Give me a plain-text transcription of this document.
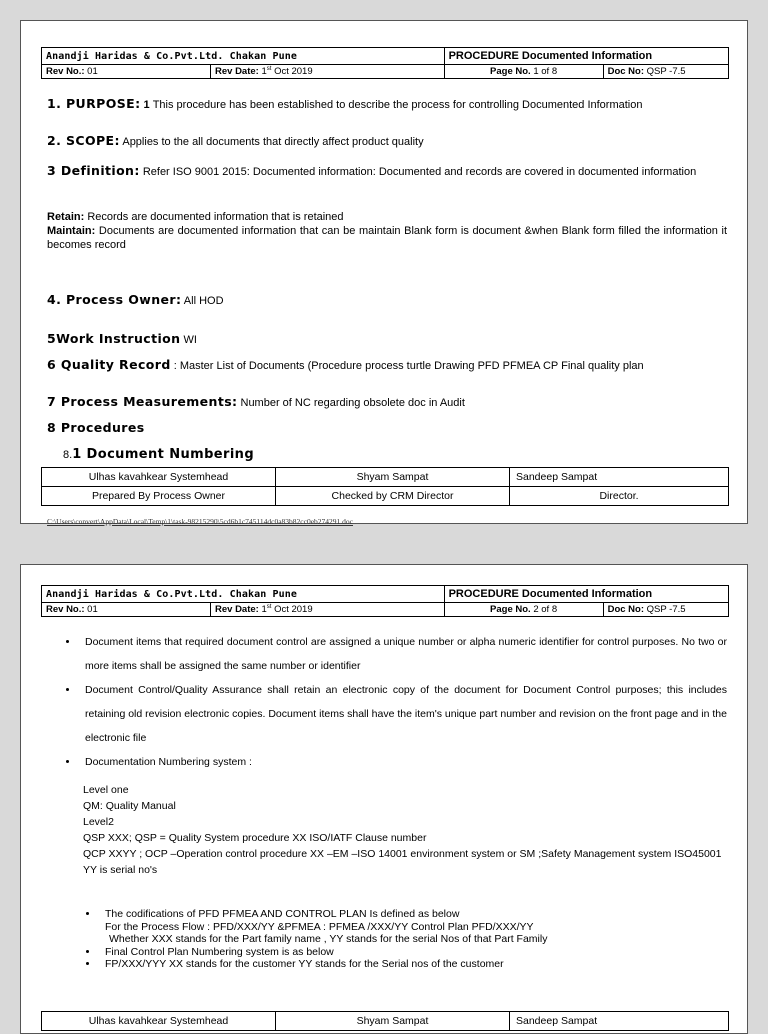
Anandji Haridas & Co.Pvt.Ltd. Chakan Pune		PROCEDURE Documented Information	
Rev No.: 01	Rev Date: 1st Oct 2019	Page No. 1 of 8	Doc No: QSP -7.5
1. PURPOSE: 1 This procedure has been established to describe the process for controlling Documented Information
2. SCOPE: Applies to the all documents that directly affect product quality
3 Definition: Refer ISO 9001 2015: Documented information: Documented and records are covered in documented information
Retain: Records are documented information that is retained
Maintain: Documents are documented information that can be maintain Blank form is document &when Blank form filled the information it becomes record
4. Process Owner: All HOD
5Work Instruction WI
6 Quality Record : Master List of Documents (Procedure process turtle Drawing PFD PFMEA CP Final quality plan
7 Process Measurements: Number of NC regarding obsolete doc in Audit
8 Procedures
8.1 Document Numbering
Ulhas kavahkear Systemhead	Shyam Sampat	Sandeep Sampat
Prepared By Process Owner	Checked by CRM Director	Director.
C:\Users\convert\AppData\Local\Temp\1\task-98215290\5cd6b1c745114dc0a83b82cc0eb274291.doc
Anandji Haridas & Co.Pvt.Ltd. Chakan Pune		PROCEDURE Documented Information	
Rev No.: 01	Rev Date: 1st Oct 2019	Page No. 2 of 8	Doc No: QSP -7.5
• Document items that required document control are assigned a unique number or alpha numeric identifier for control purposes. No two or more items shall be assigned the same number or identifier
• Document Control/Quality Assurance shall retain an electronic copy of the document for Document Control purposes; this includes retaining old revision electronic copies. Document items shall have the item's unique part number and revision on the front page and in the electronic file
• Documentation Numbering system :
Level one
QM: Quality Manual
Level2
QSP XXX; QSP = Quality System procedure XX ISO/IATF Clause number
QCP XXYY ; OCP –Operation control procedure XX –EM –ISO 14001 environment system or SM ;Safety Management system ISO45001 YY is serial no's
• The codifications of PFD PFMEA AND CONTROL PLAN Is defined as below
For the Process Flow : PFD/XXX/YY &PFMEA : PFMEA /XXX/YY Control Plan PFD/XXX/YY
Whether XXX stands for the Part family name , YY stands for the serial Nos of that Part Family
• Final Control Plan Numbering system is as below
• FP/XXX/YYY XX stands for the customer YY stands for the Serial nos of the customer
Ulhas kavahkear Systemhead	Shyam Sampat	Sandeep Sampat
